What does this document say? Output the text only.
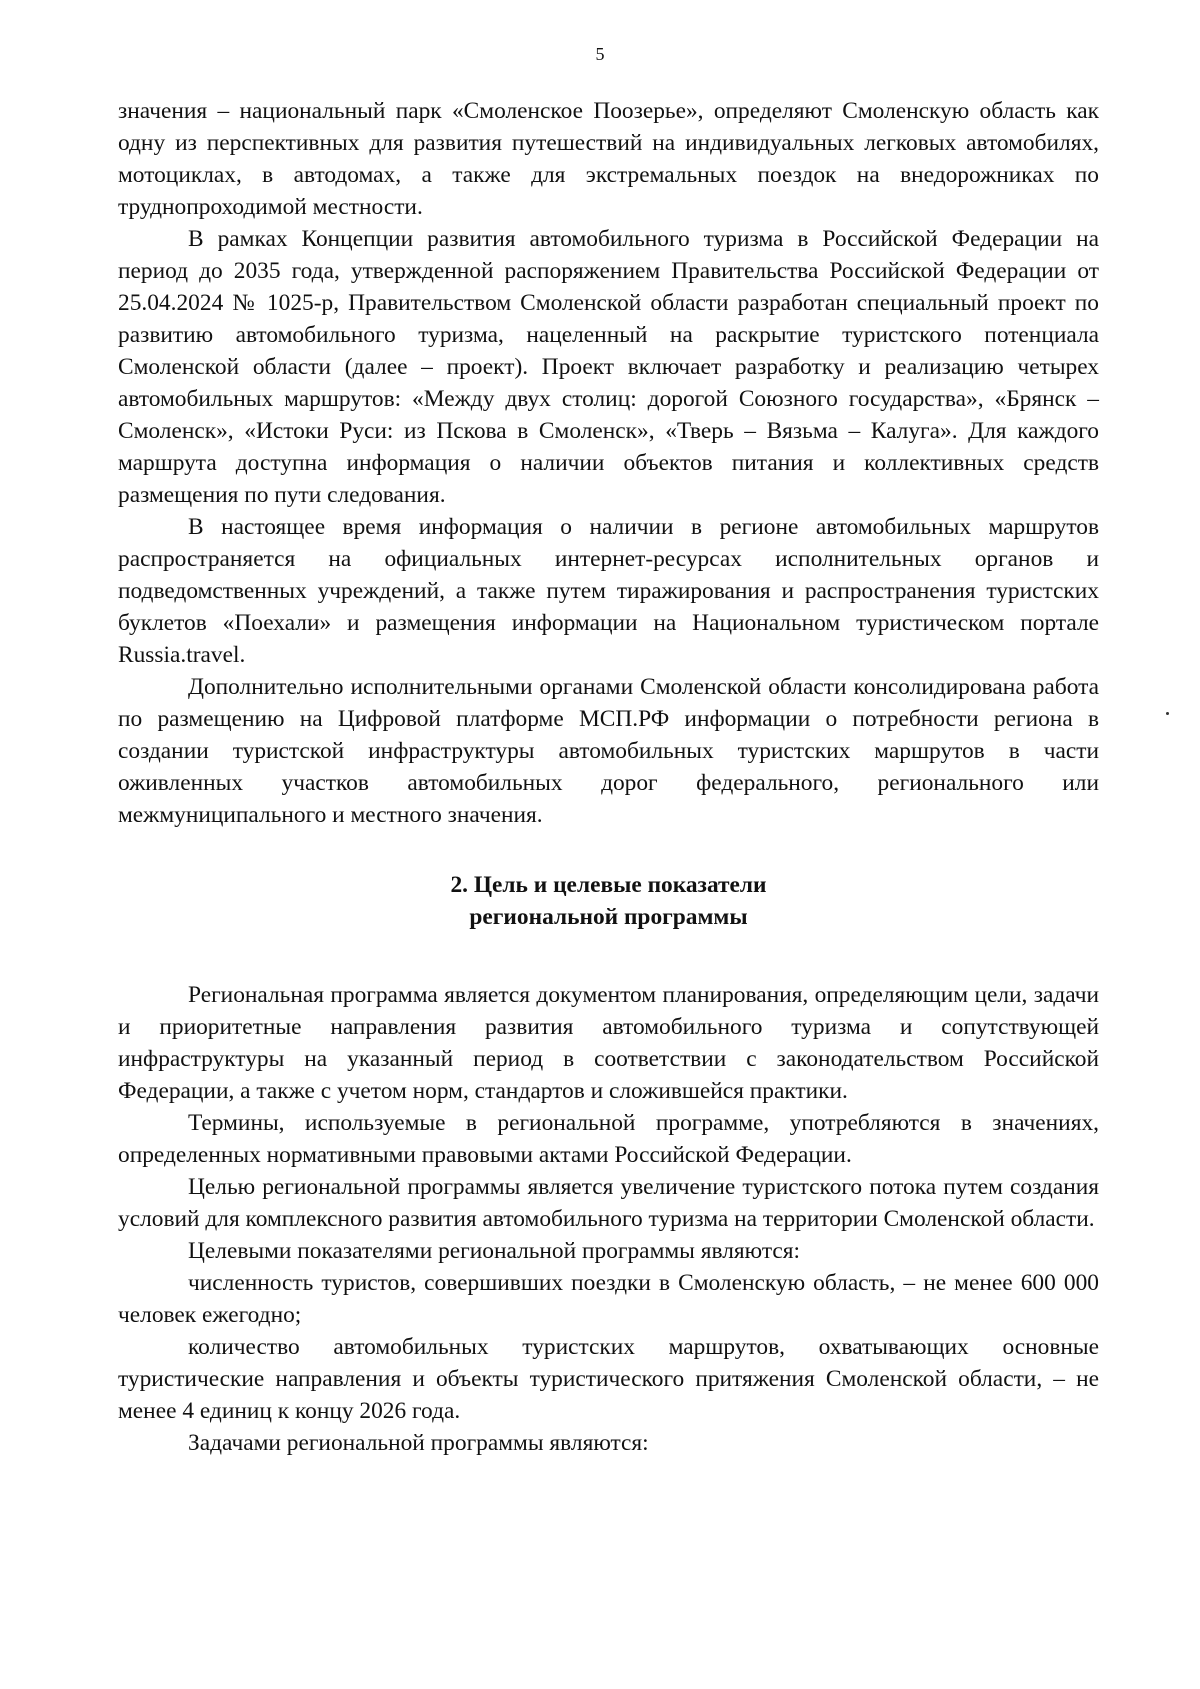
5

значения – национальный парк «Смоленское Поозерье», определяют Смоленскую область как одну из перспективных для развития путешествий на индивидуальных легковых автомобилях, мотоциклах, в автодомах, а также для экстремальных поездок на внедорожниках по труднопроходимой местности.

В рамках Концепции развития автомобильного туризма в Российской Федерации на период до 2035 года, утвержденной распоряжением Правительства Российской Федерации от 25.04.2024 № 1025-р, Правительством Смоленской области разработан специальный проект по развитию автомобильного туризма, нацеленный на раскрытие туристского потенциала Смоленской области (далее – проект). Проект включает разработку и реализацию четырех автомобильных маршрутов: «Между двух столиц: дорогой Союзного государства», «Брянск – Смоленск», «Истоки Руси: из Пскова в Смоленск», «Тверь – Вязьма – Калуга». Для каждого маршрута доступна информация о наличии объектов питания и коллективных средств размещения по пути следования.

В настоящее время информация о наличии в регионе автомобильных маршрутов распространяется на официальных интернет-ресурсах исполнительных органов и подведомственных учреждений, а также путем тиражирования и распространения туристских буклетов «Поехали» и размещения информации на Национальном туристическом портале Russia.travel.

Дополнительно исполнительными органами Смоленской области консолидирована работа по размещению на Цифровой платформе МСП.РФ информации о потребности региона в создании туристской инфраструктуры автомобильных туристских маршрутов в части оживленных участков автомобильных дорог федерального, регионального или межмуниципального и местного значения.

2. Цель и целевые показатели
региональной программы

Региональная программа является документом планирования, определяющим цели, задачи и приоритетные направления развития автомобильного туризма и сопутствующей инфраструктуры на указанный период в соответствии с законодательством Российской Федерации, а также с учетом норм, стандартов и сложившейся практики.

Термины, используемые в региональной программе, употребляются в значениях, определенных нормативными правовыми актами Российской Федерации.

Целью региональной программы является увеличение туристского потока путем создания условий для комплексного развития автомобильного туризма на территории Смоленской области.

Целевыми показателями региональной программы являются:

численность туристов, совершивших поездки в Смоленскую область, – не менее 600 000 человек ежегодно;

количество автомобильных туристских маршрутов, охватывающих основные туристические направления и объекты туристического притяжения Смоленской области, – не менее 4 единиц к концу 2026 года.

Задачами региональной программы являются:
